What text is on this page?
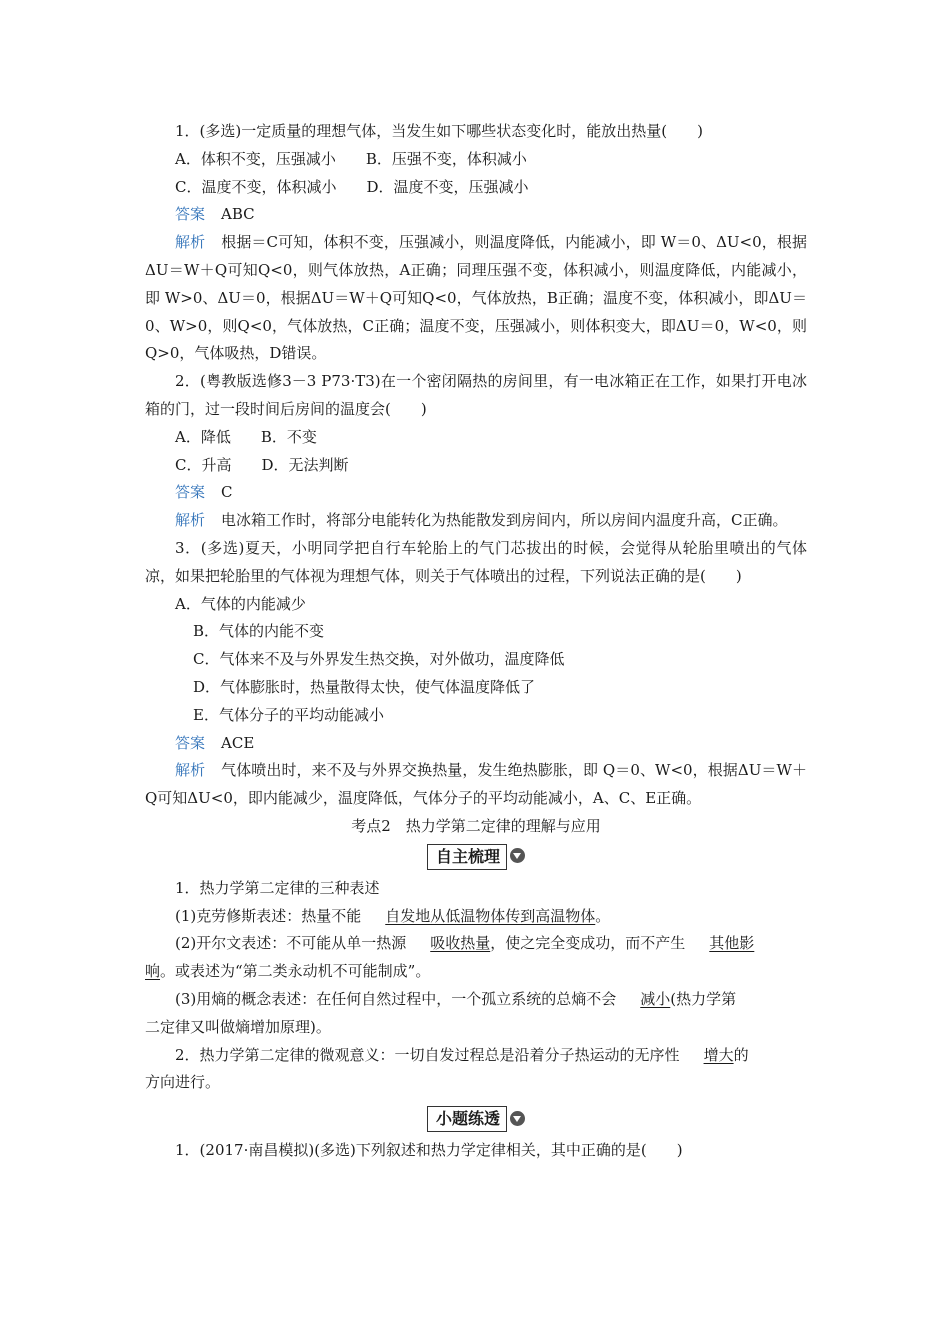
1．(多选)一定质量的理想气体，当发生如下哪些状态变化时，能放出热量(　　)
A．体积不变，压强减小 B．压强不变，体积减小
C．温度不变，体积减小 D．温度不变，压强减小
答案 ABC
解析 根据＝C可知，体积不变，压强减小，则温度降低，内能减小，即 W＝0、ΔU<0，根据ΔU＝W＋Q可知Q<0，则气体放热，A正确；同理压强不变，体积减小，则温度降低，内能减小，即 W>0、ΔU＝0，根据ΔU＝W＋Q可知Q<0，气体放热，B正确；温度不变，体积减小，即ΔU＝0、W>0，则Q<0，气体放热，C正确；温度不变，压强减小，则体积变大，即ΔU＝0，W<0，则Q>0，气体吸热，D错误。
2．(粤教版选修3－3 P73·T3)在一个密闭隔热的房间里，有一电冰箱正在工作，如果打开电冰箱的门，过一段时间后房间的温度会(　　)
A．降低 B．不变
C．升高 D．无法判断
答案 C
解析 电冰箱工作时，将部分电能转化为热能散发到房间内，所以房间内温度升高，C正确。
3．(多选)夏天，小明同学把自行车轮胎上的气门芯拔出的时候，会觉得从轮胎里喷出的气体凉，如果把轮胎里的气体视为理想气体，则关于气体喷出的过程，下列说法正确的是(　　)
A．气体的内能减少
B．气体的内能不变
C．气体来不及与外界发生热交换，对外做功，温度降低
D．气体膨胀时，热量散得太快，使气体温度降低了
E．气体分子的平均动能减小
答案 ACE
解析 气体喷出时，来不及与外界交换热量，发生绝热膨胀，即 Q＝0、W<0，根据ΔU＝W＋Q可知ΔU<0，即内能减少，温度降低，气体分子的平均动能减小，A、C、E正确。
考点2　热力学第二定律的理解与应用
自主梳理
1．热力学第二定律的三种表述
(1)克劳修斯表述：热量不能 自发地从低温物体传到高温物体。
(2)开尔文表述：不可能从单一热源 吸收热量，使之完全变成功，而不产生 其他影
响。或表述为“第二类永动机不可能制成”。
(3)用熵的概念表述：在任何自然过程中，一个孤立系统的总熵不会 减小(热力学第
二定律又叫做熵增加原理)。
2．热力学第二定律的微观意义：一切自发过程总是沿着分子热运动的无序性 增大的
方向进行。
小题练透
1．(2017·南昌模拟)(多选)下列叙述和热力学定律相关，其中正确的是(　　)
